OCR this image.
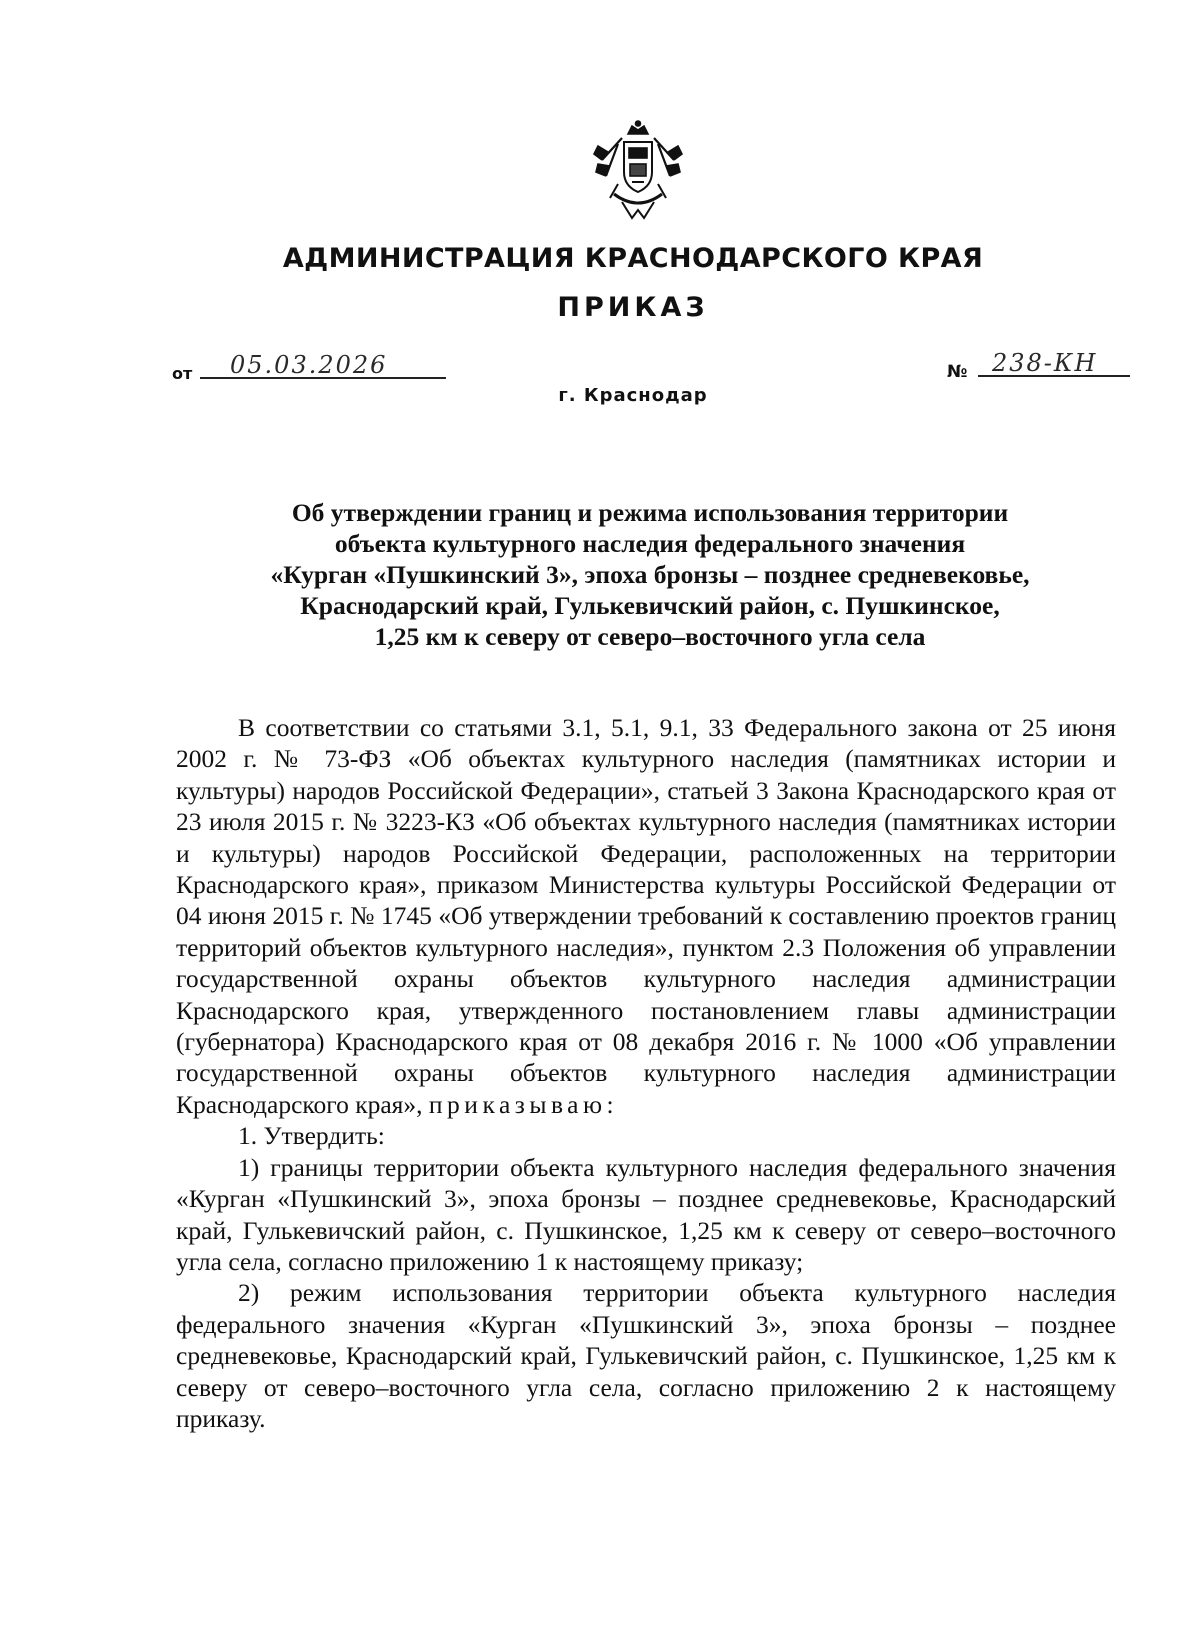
АДМИНИСТРАЦИЯ КРАСНОДАРСКОГО КРАЯ
ПРИКАЗ
от 05.03.2026	№ 238-КН
г. Краснодар
Об утверждении границ и режима использования территории
объекта культурного наследия федерального значения
«Курган «Пушкинский 3», эпоха бронзы – позднее средневековье,
Краснодарский край, Гулькевичский район, с. Пушкинское,
1,25 км к северу от северо–восточного угла села

В соответствии со статьями 3.1, 5.1, 9.1, 33 Федерального закона от 25 июня 2002 г. № 73-ФЗ «Об объектах культурного наследия (памятниках истории и культуры) народов Российской Федерации», статьей 3 Закона Краснодарского края от 23 июля 2015 г. № 3223-КЗ «Об объектах культурного наследия (памятниках истории и культуры) народов Российской Федерации, расположенных на территории Краснодарского края», приказом Министерства культуры Российской Федерации от 04 июня 2015 г. № 1745 «Об утверждении требований к составлению проектов границ территорий объектов культурного наследия», пунктом 2.3 Положения об управлении государственной охраны объектов культурного наследия администрации Краснодарского края, утвержденного постановлением главы администрации (губернатора) Краснодарского края от 08 декабря 2016 г. № 1000 «Об управлении государственной охраны объектов культурного наследия администрации Краснодарского края», приказываю:

1. Утвердить:

1) границы территории объекта культурного наследия федерального значения «Курган «Пушкинский 3», эпоха бронзы – позднее средневековье, Краснодарский край, Гулькевичский район, с. Пушкинское, 1,25 км к северу от северо–восточного угла села, согласно приложению 1 к настоящему приказу;

2) режим использования территории объекта культурного наследия федерального значения «Курган «Пушкинский 3», эпоха бронзы – позднее средневековье, Краснодарский край, Гулькевичский район, с. Пушкинское, 1,25 км к северу от северо–восточного угла села, согласно приложению 2 к настоящему приказу.
